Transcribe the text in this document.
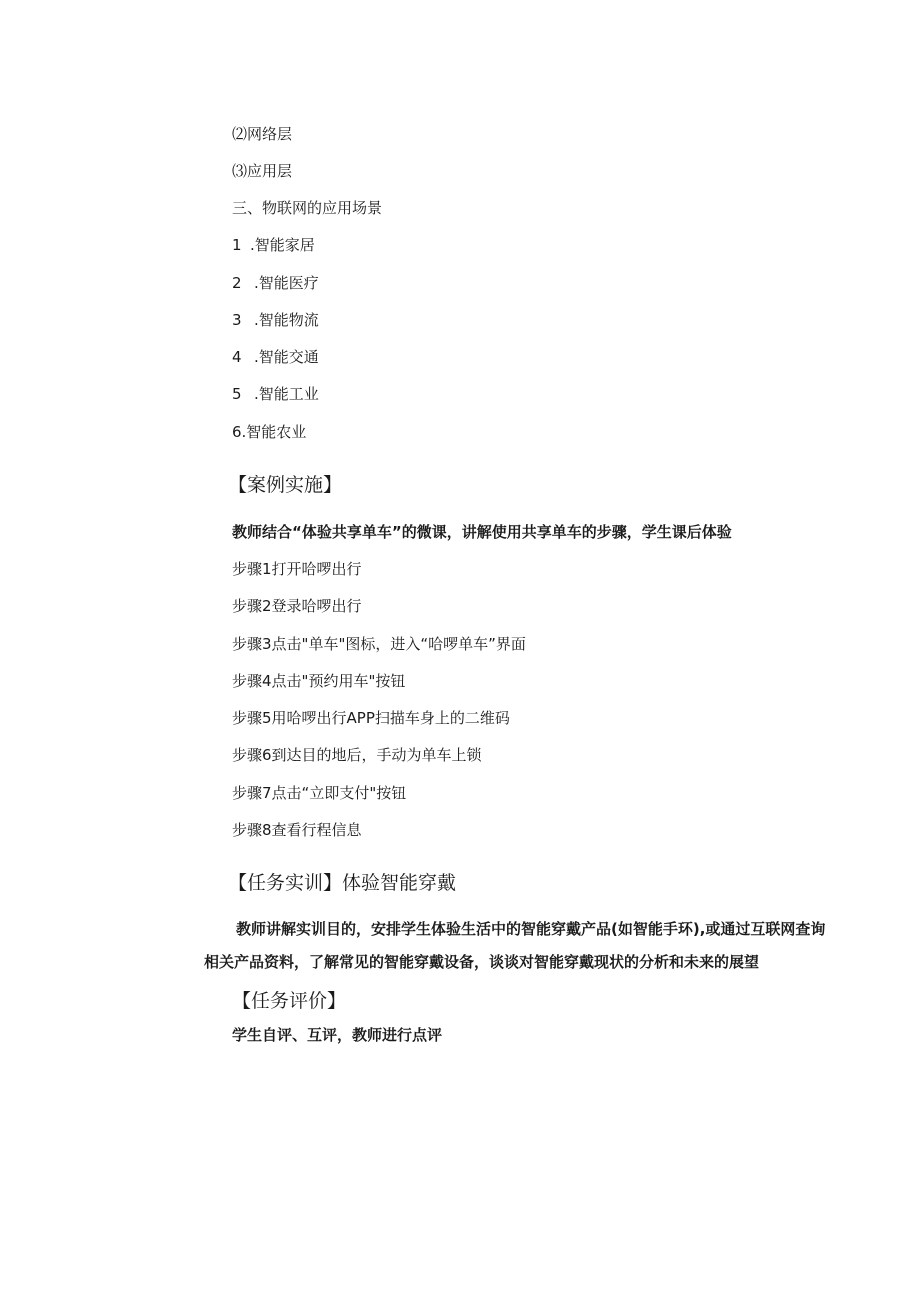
⑵网络层
⑶应用层
三、物联网的应用场景
1 .智能家居
2 .智能医疗
3 .智能物流
4 .智能交通
5 .智能工业
6.智能农业
【案例实施】
教师结合“体验共享单车”的微课，讲解使用共享单车的步骤，学生课后体验
步骤1打开哈啰出行
步骤2登录哈啰出行
步骤3点击"单车"图标，进入“哈啰单车”界面
步骤4点击"预约用车"按钮
步骤5用哈啰出行APP扫描车身上的二维码
步骤6到达目的地后，手动为单车上锁
步骤7点击“立即支付"按钮
步骤8查看行程信息
【任务实训】体验智能穿戴
教师讲解实训目的，安排学生体验生活中的智能穿戴产品(如智能手环),或通过互联网查询
相关产品资料，了解常见的智能穿戴设备，谈谈对智能穿戴现状的分析和未来的展望
【任务评价】
学生自评、互评，教师进行点评
